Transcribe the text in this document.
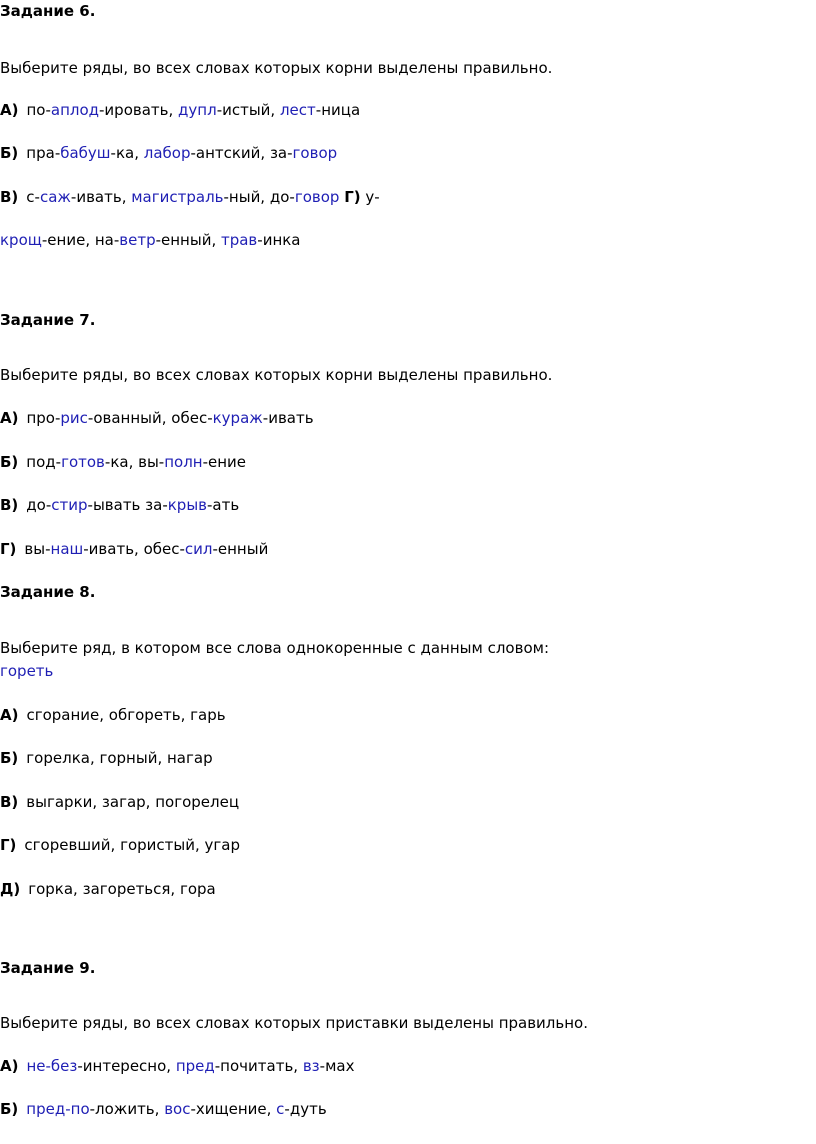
Задание 6.
Выберите ряды, во всех словах которых корни выделены правильно.
А) по-аплод-ировать, дупл-истый, лест-ница
Б) пра-бабуш-ка, лабор-антский, за-говор
В) с-саж-ивать, магистраль-ный, до-говор Г) у-
крощ-ение, на-ветр-енный, трав-инка
Задание 7.
Выберите ряды, во всех словах которых корни выделены правильно.
А) про-рис-ованный, обес-кураж-ивать
Б) под-готов-ка, вы-полн-ение
В) до-стир-ывать за-крыв-ать
Г) вы-наш-ивать, обес-сил-енный
Задание 8.
Выберите ряд, в котором все слова однокоренные с данным словом:
гореть
А) сгорание, обгореть, гарь
Б) горелка, горный, нагар
В) выгарки, загар, погорелец
Г) сгоревший, гористый, угар
Д) горка, загореться, гора
Задание 9.
Выберите ряды, во всех словах которых приставки выделены правильно.
А) не-без-интересно, пред-почитать, вз-мах
Б) пред-по-ложить, вос-хищение, с-дуть
